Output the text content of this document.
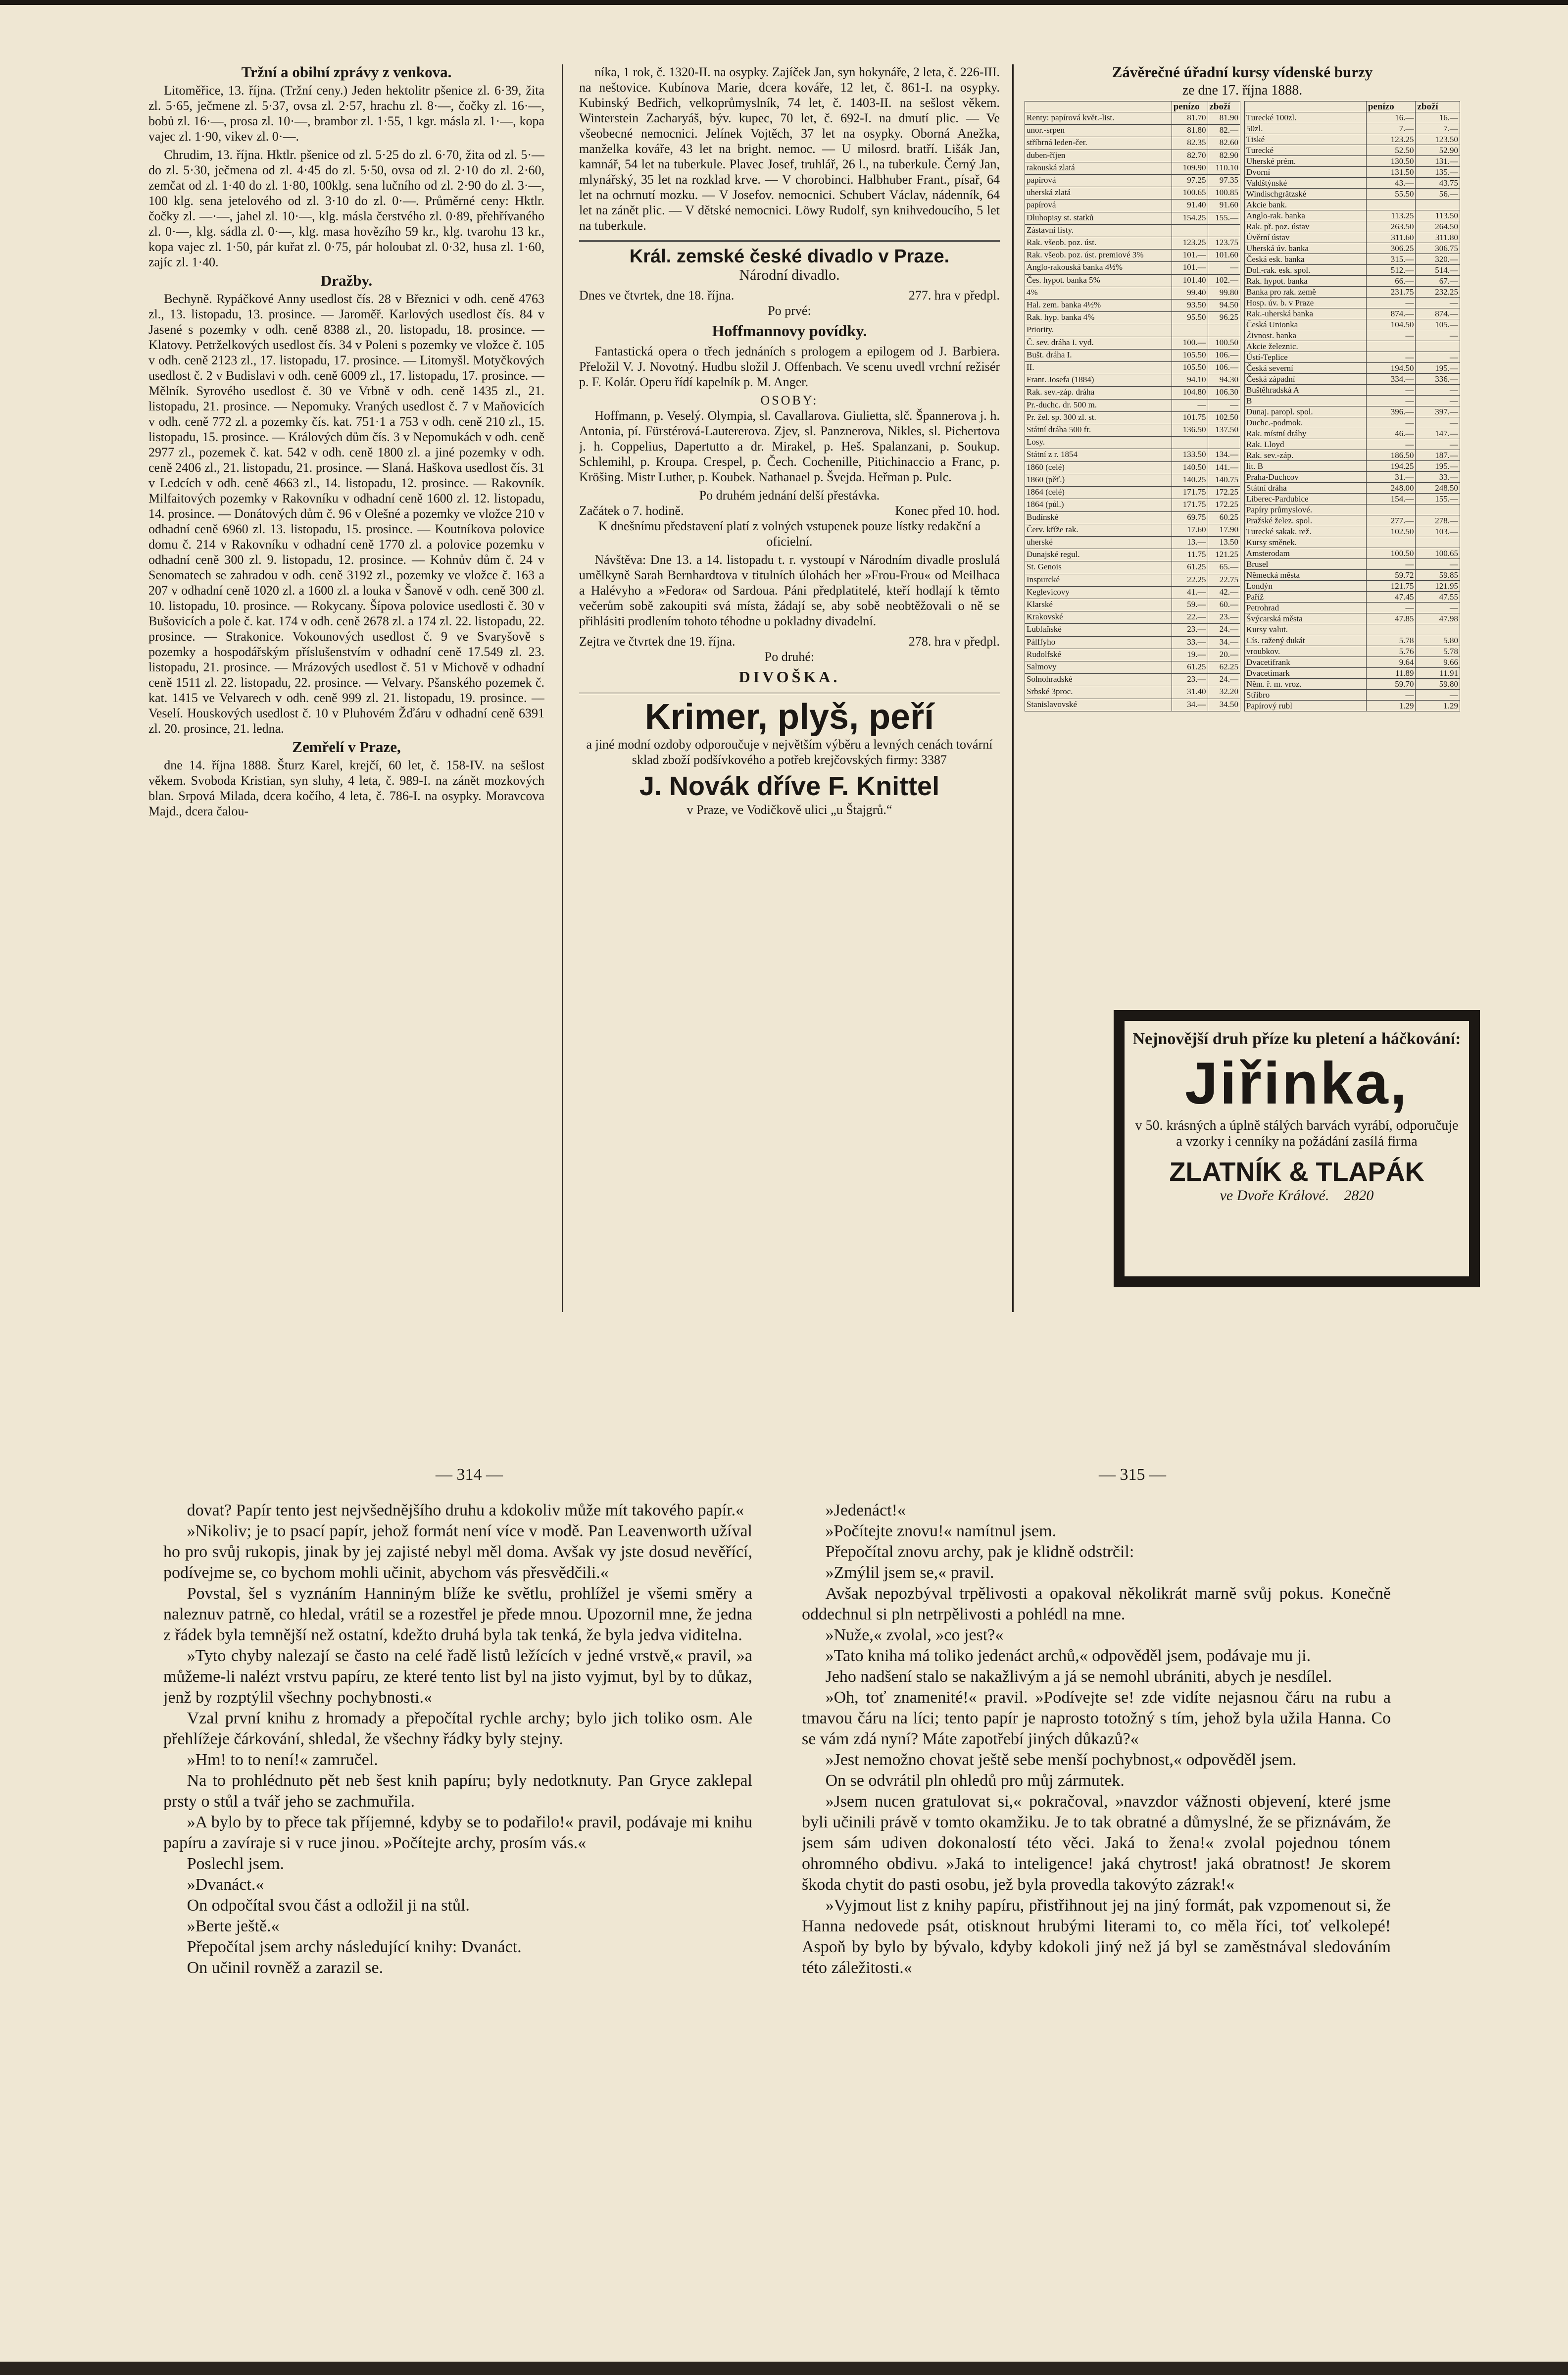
Tržní a obilní zprávy z venkova.

Litoměřice, 13. října. (Tržní ceny.) Jeden hektolitr pšenice zl. 6·39, žita zl. 5·65, ječmene zl. 5·37, ovsa zl. 2·57, hrachu zl. 8·—, čočky zl. 16·—, bobů zl. 16·—, prosa zl. 10·—, brambor zl. 1·55, 1 kgr. másla zl. 1·—, kopa vajec zl. 1·90, vikev zl. 0·—.

Chrudim, 13. října. Hktlr. pšenice od zl. 5·25 do zl. 6·70, žita od zl. 5·— do zl. 5·30, ječmena od zl. 4·45 do zl. 5·50, ovsa od zl. 2·10 do zl. 2·60, zemčat od zl. 1·40 do zl. 1·80, 100klg. sena lučního od zl. 2·90 do zl. 3·—, 100 klg. sena jetelového od zl. 3·10 do zl. 0·—. Průměrné ceny: Hktlr. čočky zl. —·—, jahel zl. 10·—, klg. másla čerstvého zl. 0·89, přehřívaného zl. 0·—, klg. sádla zl. 0·—, klg. masa hovězího 59 kr., klg. tvarohu 13 kr., kopa vajec zl. 1·50, pár kuřat zl. 0·75, pár holoubat zl. 0·32, husa zl. 1·60, zajíc zl. 1·40.

Dražby.

Bechyně. Rypáčkové Anny usedlost čís. 28 v Březnici v odh. ceně 4763 zl., 13. listopadu, 13. prosince. — Jaroměř. Karlových usedlost čís. 84 v Jasené s pozemky v odh. ceně 8388 zl., 20. listopadu, 18. prosince. — Klatovy. Petrželkových usedlost čís. 34 v Poleni s pozemky ve vložce č. 105 v odh. ceně 2123 zl., 17. listopadu, 17. prosince. — Litomyšl. Motyčkových usedlost č. 2 v Budislavi v odh. ceně 6009 zl., 17. listopadu, 17. prosince. — Mělník. Syrového usedlost č. 30 ve Vrbně v odh. ceně 1435 zl., 21. listopadu, 21. prosince. — Nepomuky. Vraných usedlost č. 7 v Maňovicích v odh. ceně 772 zl. a pozemky čís. kat. 751·1 a 753 v odh. ceně 210 zl., 15. listopadu, 15. prosince. — Králových dům čís. 3 v Nepomukách v odh. ceně 2977 zl., pozemek č. kat. 542 v odh. ceně 1800 zl. a jiné pozemky v odh. ceně 2406 zl., 21. listopadu, 21. prosince. — Slaná. Haškova usedlost čís. 31 v Ledcích v odh. ceně 4663 zl., 14. listopadu, 12. prosince. — Rakovník. Milfaitových pozemky v Rakovníku v odhadní ceně 1600 zl. 12. listopadu, 14. prosince. — Donátových dům č. 96 v Olešné a pozemky ve vložce 210 v odhadní ceně 6960 zl. 13. listopadu, 15. prosince. — Koutníkova polovice domu č. 214 v Rakovníku v odhadní ceně 1770 zl. a polovice pozemku v odhadní ceně 300 zl. 9. listopadu, 12. prosince. — Kohnův dům č. 24 v Senomatech se zahradou v odh. ceně 3192 zl., pozemky ve vložce č. 163 a 207 v odhadní ceně 1020 zl. a 1600 zl. a louka v Šanově v odh. ceně 300 zl. 10. listopadu, 10. prosince. — Rokycany. Šípova polovice usedlosti č. 30 v Bušovicích a pole č. kat. 174 v odh. ceně 2678 zl. a 174 zl. 22. listopadu, 22. prosince. — Strakonice. Vokounových usedlost č. 9 ve Svaryšově s pozemky a hospodářským příslušenstvím v odhadní ceně 17.549 zl. 23. listopadu, 21. prosince. — Mrázových usedlost č. 51 v Michově v odhadní ceně 1511 zl. 22. listopadu, 22. prosince. — Velvary. Pšanského pozemek č. kat. 1415 ve Velvarech v odh. ceně 999 zl. 21. listopadu, 19. prosince. — Veselí. Houskových usedlost č. 10 v Pluhovém Žďáru v odhadní ceně 6391 zl. 20. prosince, 21. ledna.

Zemřelí v Praze,

dne 14. října 1888. Šturz Karel, krejčí, 60 let, č. 158-IV. na sešlost věkem. Svoboda Kristian, syn sluhy, 4 leta, č. 989-I. na zánět mozkových blan. Srpová Milada, dcera kočího, 4 leta, č. 786-I. na osypky. Moravcova Majd., dcera čalou-

níka, 1 rok, č. 1320-II. na osypky. Zajíček Jan, syn hokynáře, 2 leta, č. 226-III. na neštovice. Kubínova Marie, dcera kováře, 12 let, č. 861-I. na osypky. Kubinský Bedřich, velkoprůmyslník, 74 let, č. 1403-II. na sešlost věkem. Winterstein Zacharyáš, býv. kupec, 70 let, č. 692-I. na dmutí plic. — Ve všeobecné nemocnici. Jelínek Vojtěch, 37 let na osypky. Oborná Anežka, manželka kováře, 43 let na bright. nemoc. — U milosrd. bratří. Lišák Jan, kamnář, 54 let na tuberkule. Plavec Josef, truhlář, 26 l., na tuberkule. Černý Jan, mlynářský, 35 let na rozklad krve. — V chorobinci. Halbhuber Frant., písař, 64 let na ochrnutí mozku. — V Josefov. nemocnici. Schubert Václav, nádenník, 64 let na zánět plic. — V dětské nemocnici. Löwy Rudolf, syn knihvedoucího, 5 let na tuberkule.

Král. zemské české divadlo v Praze.
Národní divadlo.
Dnes ve čtvrtek, dne 18. října.	277. hra v předpl.
Po prvé:
Hoffmannovy povídky.

Fantastická opera o třech jednáních s prologem a epilogem od J. Barbiera. Přeložil V. J. Novotný. Hudbu složil J. Offenbach. Ve scenu uvedl vrchní režisér p. F. Kolár. Operu řídí kapelník p. M. Anger.

OSOBY:

Hoffmann, p. Veselý. Olympia, sl. Cavallarova. Giulietta, slč. Špannerova j. h. Antonia, pí. Fürstérová-Lautererova. Zjev, sl. Panznerova, Nikles, sl. Pichertova j. h. Coppelius, Dapertutto a dr. Mirakel, p. Heš. Spalanzani, p. Soukup. Schlemihl, p. Kroupa. Crespel, p. Čech. Cochenille, Pitichinaccio a Franc, p. Kröšing. Mistr Luther, p. Koubek. Nathanael p. Švejda. Heřman p. Pulc.

Po druhém jednání delší přestávka.
Začátek o 7. hodině.	Konec před 10. hod.

K dnešnímu představení platí z volných vstupenek pouze lístky redakční a oficielní.

Návštěva: Dne 13. a 14. listopadu t. r. vystoupí v Národním divadle proslulá umělkyně Sarah Bernhardtova v titulních úlohách her »Frou-Frou« od Meilhaca a Halévyho a »Fedora« od Sardoua. Páni předplatitelé, kteří hodlají k těmto večerům sobě zakoupiti svá místa, žádají se, aby sobě neobtěžovali o ně se přihlásiti prodlením tohoto téhodne u pokladny divadelní.

Zejtra ve čtvrtek dne 19. října.	278. hra v předpl.
Po druhé:
DIVOŠKA.
Krimer, plyš, peří

a jiné modní ozdoby odporoučuje v největším výběru a levných cenách tovární sklad zboží podšívkového a potřeb krejčovských firmy: 3387

J. Novák dříve F. Knittel
v Praze, ve Vodičkově ulici „u Štajgrů.“
Závěrečné úřadní kursy vídenské burzy
ze dne 17. října 1888.
	penízo	zboží
Renty: papírová květ.-list.	81.70	81.90
unor.-srpen	81.80	82.—
stříbrná leden-čer.	82.35	82.60
duben-říjen	82.70	82.90
rakouská zlatá	109.90	110.10
papírová	97.25	97.35
uherská zlatá	100.65	100.85
papírová	91.40	91.60
Dluhopisy st. statků	154.25	155.—
Zástavní listy.		
Rak. všeob. poz. úst.	123.25	123.75
Rak. všeob. poz. úst. premiové 3%	101.—	101.60
Anglo-rakouská banka 4½%	101.—	—
Čes. hypot. banka 5%	101.40	102.—
4%	99.40	99.80
Hal. zem. banka 4½%	93.50	94.50
Rak. hyp. banka 4%	95.50	96.25
Priority.		
Č. sev. dráha I. vyd.	100.—	100.50
Bušt. dráha I.	105.50	106.—
II.	105.50	106.—
Frant. Josefa (1884)	94.10	94.30
Rak. sev.-záp. dráha	104.80	106.30
Pr.-duchc. dr. 500 m.	—	—
Pr. žel. sp. 300 zl. st.	101.75	102.50
Státní dráha 500 fr.	136.50	137.50
Losy.		
Státní z r. 1854	133.50	134.—
1860 (celé)	140.50	141.—
1860 (pěť.)	140.25	140.75
1864 (celé)	171.75	172.25
1864 (půl.)	171.75	172.25
Budínské	69.75	60.25
Červ. kříže rak.	17.60	17.90
uherské	13.—	13.50
Dunajské regul.	11.75	121.25
St. Genois	61.25	65.—
Inspurcké	22.25	22.75
Keglevicovy	41.—	42.—
Klarské	59.—	60.—
Krakovské	22.—	23.—
Lublaňské	23.—	24.—
Pálffyho	33.—	34.—
Rudolfské	19.—	20.—
Salmovy	61.25	62.25
Solnohradské	23.—	24.—
Srbské 3proc.	31.40	32.20
Stanislavovské	34.—	34.50
	penízo	zboží
Turecké 100zl.	16.—	16.—
50zl.	7.—	7.—
Tiské	123.25	123.50
Turecké	52.50	52.90
Uherské prém.	130.50	131.—
Dvorní	131.50	135.—
Valdštýnské	43.—	43.75
Windischgrätzské	55.50	56.—
Akcie bank.		
Anglo-rak. banka	113.25	113.50
Rak. př. poz. ústav	263.50	264.50
Úvěrní ústav	311.60	311.80
Uherská úv. banka	306.25	306.75
Česká esk. banka	315.—	320.—
Dol.-rak. esk. spol.	512.—	514.—
Rak. hypot. banka	66.—	67.—
Banka pro rak. země	231.75	232.25
Hosp. úv. b. v Praze	—	—
Rak.-uherská banka	874.—	874.—
Česká Unionka	104.50	105.—
Živnost. banka	—	—
Akcie železnic.		
Ústí-Teplice	—	—
Česká severní	194.50	195.—
Česká západní	334.—	336.—
Buštěhradská A	—	—
B	—	—
Dunaj. paropl. spol.	396.—	397.—
Duchc.-podmok.	—	—
Rak. místní dráhy	46.—	147.—
Rak. Lloyd	—	—
Rak. sev.-záp.	186.50	187.—
lit. B	194.25	195.—
Praha-Duchcov	31.—	33.—
Státní dráha	248.00	248.50
Liberec-Pardubice	154.—	155.—
Papíry průmyslové.		
Pražské želez. spol.	277.—	278.—
Turecké sakak. rež.	102.50	103.—
Kursy směnek.		
Amsterodam	100.50	100.65
Brusel	—	—
Německá města	59.72	59.85
Londýn	121.75	121.95
Paříž	47.45	47.55
Petrohrad	—	—
Švýcarská města	47.85	47.98
Kursy valut.		
Cís. ražený dukát	5.78	5.80
vroubkov.	5.76	5.78
Dvacetifrank	9.64	9.66
Dvacetimark	11.89	11.91
Něm. ř. m. vroz.	59.70	59.80
Stříbro	—	—
Papírový rubl	1.29	1.29
Nejnovější druh příze ku pletení a háčkování:
Jiřinka,
v 50. krásných a úplně stálých barvách vyrábí, odporučuje a vzorky i cenníky na požádání zasílá firma
ZLATNÍK & TLAPÁK
ve Dvoře Králové. 2820
— 314 —	— 315 —

dovat? Papír tento jest nejvšednějšího druhu a kdokoliv může mít takového papír.«

»Nikoliv; je to psací papír, jehož formát není více v modě. Pan Leavenworth užíval ho pro svůj rukopis, jinak by jej zajisté nebyl měl doma. Avšak vy jste dosud nevěřící, podívejme se, co bychom mohli učinit, abychom vás přesvědčili.«

Povstal, šel s vyznáním Hanniným blíže ke světlu, prohlížel je všemi směry a naleznuv patrně, co hledal, vrátil se a rozestřel je přede mnou. Upozornil mne, že jedna z řádek byla temnější než ostatní, kdežto druhá byla tak tenká, že byla jedva viditelna.

»Tyto chyby nalezají se často na celé řadě listů ležících v jedné vrstvě,« pravil, »a můžeme-li nalézt vrstvu papíru, ze které tento list byl na jisto vyjmut, byl by to důkaz, jenž by rozptýlil všechny pochybnosti.«

Vzal první knihu z hromady a přepočítal rychle archy; bylo jich toliko osm. Ale přehlížeje čárkování, shledal, že všechny řádky byly stejny.

»Hm! to to není!« zamručel.

Na to prohlédnuto pět neb šest knih papíru; byly nedotknuty. Pan Gryce zaklepal prsty o stůl a tvář jeho se zachmuřila.

»A bylo by to přece tak příjemné, kdyby se to podařilo!« pravil, podávaje mi knihu papíru a zavíraje si v ruce jinou. »Počítejte archy, prosím vás.«

Poslechl jsem.

»Dvanáct.«

On odpočítal svou část a odložil ji na stůl.

»Berte ještě.«

Přepočítal jsem archy následující knihy: Dvanáct.

On učinil rovněž a zarazil se.

»Jedenáct!«

»Počítejte znovu!« namítnul jsem.

Přepočítal znovu archy, pak je klidně odstrčil:

»Zmýlil jsem se,« pravil.

Avšak nepozbýval trpělivosti a opakoval několikrát marně svůj pokus. Konečně oddechnul si pln netrpělivosti a pohlédl na mne.

»Nuže,« zvolal, »co jest?«

»Tato kniha má toliko jedenáct archů,« odpověděl jsem, podávaje mu ji.

Jeho nadšení stalo se nakažlivým a já se nemohl ubrániti, abych je nesdílel.

»Oh, toť znamenité!« pravil. »Podívejte se! zde vidíte nejasnou čáru na rubu a tmavou čáru na líci; tento papír je naprosto totožný s tím, jehož byla užila Hanna. Co se vám zdá nyní? Máte zapotřebí jiných důkazů?«

»Jest nemožno chovat ještě sebe menší pochybnost,« odpověděl jsem.

On se odvrátil pln ohledů pro můj zármutek.

»Jsem nucen gratulovat si,« pokračoval, »navzdor vážnosti objevení, které jsme byli učinili právě v tomto okamžiku. Je to tak obratné a důmyslné, že se přiznávám, že jsem sám udiven dokonalostí této věci. Jaká to žena!« zvolal pojednou tónem ohromného obdivu. »Jaká to inteligence! jaká chytrost! jaká obratnost! Je skorem škoda chytit do pasti osobu, jež byla provedla takovýto zázrak!«

»Vyjmout list z knihy papíru, přistřihnout jej na jiný formát, pak vzpomenout si, že Hanna nedovede psát, otisknout hrubými literami to, co měla říci, toť velkolepé! Aspoň by bylo by bývalo, kdyby kdokoli jiný než já byl se zaměstnával sledováním této záležitosti.«
